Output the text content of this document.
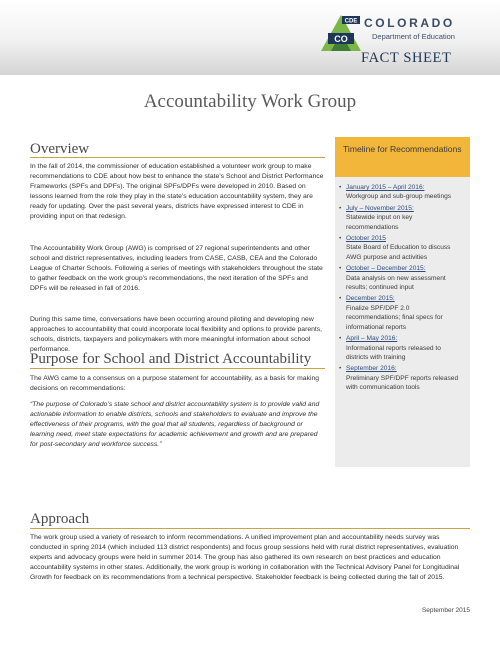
CO
CDE COLORADO
Department of Education
FACT SHEET
Accountability Work Group
Overview

In the fall of 2014, the commissioner of education established a volunteer work group to make recommendations to CDE about how best to enhance the state’s School and District Performance Frameworks (SPFs and DPFs). The original SPFs/DPFs were developed in 2010. Based on lessons learned from the role they play in the state’s education accountability system, they are ready for updating. Over the past several years, districts have expressed interest to CDE in providing input on that redesign.

The Accountability Work Group (AWG) is comprised of 27 regional superintendents and other school and district representatives, including leaders from CASE, CASB, CEA and the Colorado League of Charter Schools. Following a series of meetings with stakeholders throughout the state to gather feedback on the work group’s recommendations, the next iteration of the SPFs and DPFs will be released in fall of 2016.

During this same time, conversations have been occurring around piloting and developing new approaches to accountability that could incorporate local flexibility and options to provide parents, schools, districts, taxpayers and policymakers with more meaningful information about school performance.

Purpose for School and District Accountability

The AWG came to a consensus on a purpose statement for accountability, as a basis for making decisions on recommendations:

“The purpose of Colorado’s state school and district accountability system is to provide valid and actionable information to enable districts, schools and stakeholders to evaluate and improve the effectiveness of their programs, with the goal that all students, regardless of background or learning need, meet state expectations for academic achievement and growth and are prepared for post-secondary and workforce success.”

Approach

The work group used a variety of research to inform recommendations. A unified improvement plan and accountability needs survey was conducted in spring 2014 (which included 113 district respondents) and focus group sessions held with rural district representatives, evaluation experts and advocacy groups were held in summer 2014. The group has also gathered its own research on best practices and education accountability systems in other states. Additionally, the work group is working in collaboration with the Technical Advisory Panel for Longitudinal Growth for feedback on its recommendations from a technical perspective. Stakeholder feedback is being collected during the fall of 2015.

Timeline for Recommendations
• January 2015 – April 2016:
Workgroup and sub-group meetings
• July – November 2015:
Statewide input on key recommendations
• October 2015
State Board of Education to discuss AWG purpose and activities
• October – December 2015:
Data analysis on new assessment results; continued input
• December 2015:
Finalize SPF/DPF 2.0 recommendations; final specs for informational reports
• April – May 2016:
Informational reports released to districts with training
• September 2016:
Preliminary SPF/DPF reports released with communication tools
September 2015
